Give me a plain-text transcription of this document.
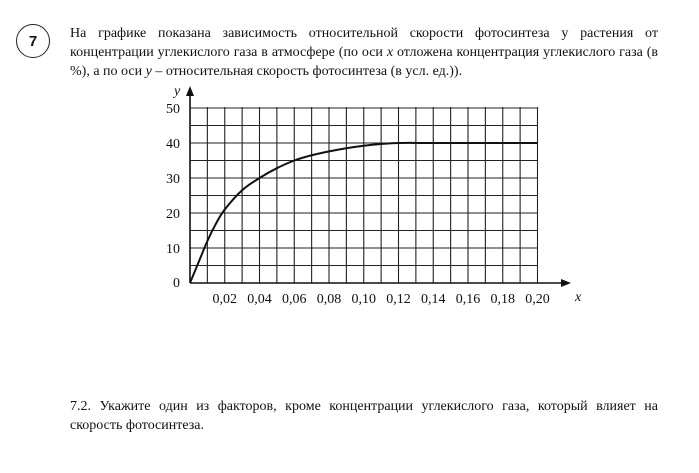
7 На графике показана зависимость относительной скорости фотосинтеза у растения от концентрации углекислого газа в атмосфере (по оси x отложена концентрация углекислого газа (в %), а по оси y – относительная скорость фотосинтеза (в усл. ед.)).
0,02 0,04 0,06 0,08 0,10 0,12 0,14 0,16 0,18 0,20
10
20
30
40
50
0
x
y
7.2. Укажите один из факторов, кроме концентрации углекислого газа, который влияет на скорость фотосинтеза.
